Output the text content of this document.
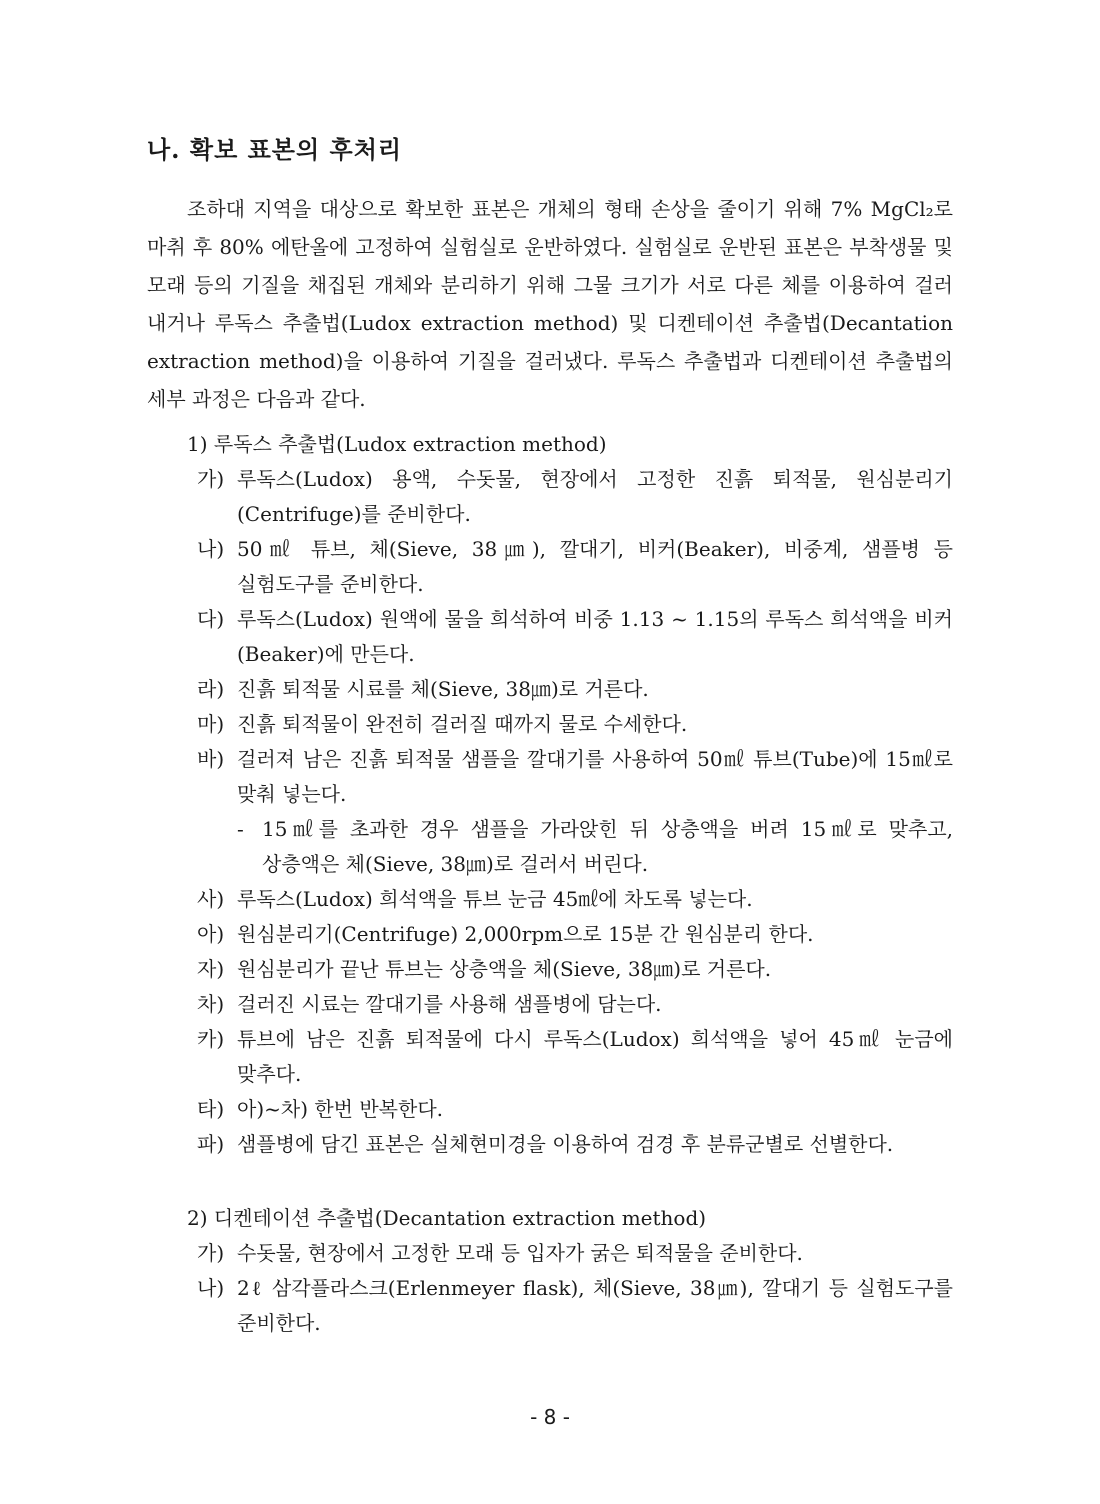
나. 확보 표본의 후처리

조하대 지역을 대상으로 확보한 표본은 개체의 형태 손상을 줄이기 위해 7% MgCl₂로 마취 후 80% 에탄올에 고정하여 실험실로 운반하였다. 실험실로 운반된 표본은 부착생물 및 모래 등의 기질을 채집된 개체와 분리하기 위해 그물 크기가 서로 다른 체를 이용하여 걸러 내거나 루독스 추출법(Ludox extraction method) 및 디켄테이션 추출법(Decantation extraction method)을 이용하여 기질을 걸러냈다. 루독스 추출법과 디켄테이션 추출법의 세부 과정은 다음과 같다.

1) 루독스 추출법(Ludox extraction method)
가) 루독스(Ludox) 용액, 수돗물, 현장에서 고정한 진흙 퇴적물, 원심분리기 (Centrifuge)를 준비한다.
나) 50㎖ 튜브, 체(Sieve, 38㎛), 깔대기, 비커(Beaker), 비중계, 샘플병 등 실험도구를 준비한다.
다) 루독스(Ludox) 원액에 물을 희석하여 비중 1.13 ~ 1.15의 루독스 희석액을 비커(Beaker)에 만든다.
라) 진흙 퇴적물 시료를 체(Sieve, 38㎛)로 거른다.
마) 진흙 퇴적물이 완전히 걸러질 때까지 물로 수세한다.
바) 걸러져 남은 진흙 퇴적물 샘플을 깔대기를 사용하여 50㎖ 튜브(Tube)에 15㎖로 맞춰 넣는다.
- 15㎖를 초과한 경우 샘플을 가라앉힌 뒤 상층액을 버려 15㎖로 맞추고, 상층액은 체(Sieve, 38㎛)로 걸러서 버린다.
사) 루독스(Ludox) 희석액을 튜브 눈금 45㎖에 차도록 넣는다.
아) 원심분리기(Centrifuge) 2,000rpm으로 15분 간 원심분리 한다.
자) 원심분리가 끝난 튜브는 상층액을 체(Sieve, 38㎛)로 거른다.
차) 걸러진 시료는 깔대기를 사용해 샘플병에 담는다.
카) 튜브에 남은 진흙 퇴적물에 다시 루독스(Ludox) 희석액을 넣어 45㎖ 눈금에 맞추다.
타) 아)~차) 한번 반복한다.
파) 샘플병에 담긴 표본은 실체현미경을 이용하여 검경 후 분류군별로 선별한다.
2) 디켄테이션 추출법(Decantation extraction method)
가) 수돗물, 현장에서 고정한 모래 등 입자가 굵은 퇴적물을 준비한다.
나) 2ℓ 삼각플라스크(Erlenmeyer flask), 체(Sieve, 38㎛), 깔대기 등 실험도구를 준비한다.
- 8 -
